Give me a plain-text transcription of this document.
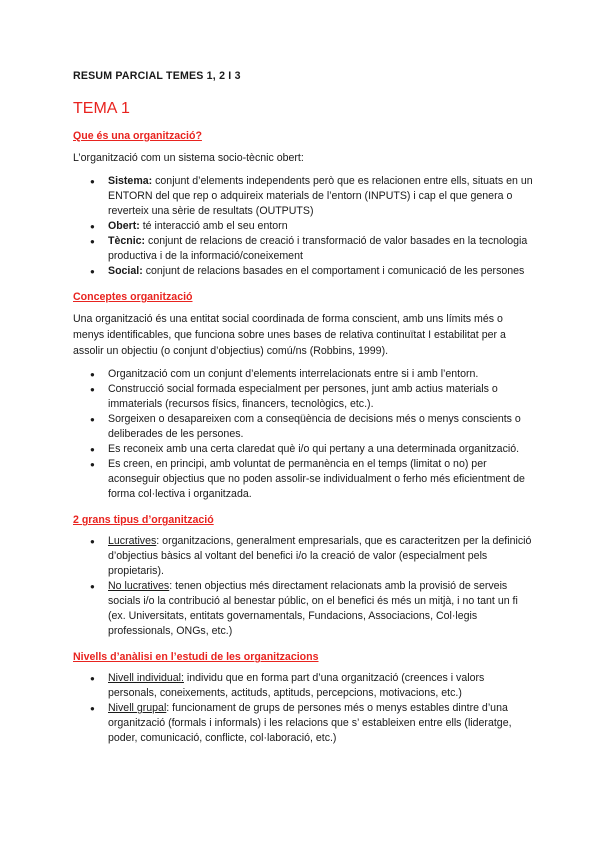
RESUM PARCIAL TEMES 1, 2 I 3
TEMA 1
Que és una organització?

L’organització com un sistema socio-tècnic obert:

● Sistema: conjunt d’elements independents però que es relacionen entre ells, situats en un ENTORN del que rep o adquireix materials de l’entorn (INPUTS) i cap el que genera o reverteix una sèrie de resultats (OUTPUTS)
● Obert: té interacció amb el seu entorn
● Tècnic: conjunt de relacions de creació i transformació de valor basades en la tecnologia productiva i de la informació/coneixement
● Social: conjunt de relacions basades en el comportament i comunicació de les persones
Conceptes organització

Una organització és una entitat social coordinada de forma conscient, amb uns límits més o menys identificables, que funciona sobre unes bases de relativa continuïtat I estabilitat per a assolir un objectiu (o conjunt d’objectius) comú/ns (Robbins, 1999).

● Organització com un conjunt d’elements interrelacionats entre si i amb l’entorn.
● Construcció social formada especialment per persones, junt amb actius materials o immaterials (recursos físics, financers, tecnològics, etc.).
● Sorgeixen o desapareixen com a conseqüència de decisions més o menys conscients o deliberades de les persones.
● Es reconeix amb una certa claredat què i/o qui pertany a una determinada organització.
● Es creen, en principi, amb voluntat de permanència en el temps (limitat o no) per aconseguir objectius que no poden assolir-se individualment o ferho més eficientment de forma col·lectiva i organitzada.
2 grans tipus d’organització
● Lucratives: organitzacions, generalment empresarials, que es caracteritzen per la definició d’objectius bàsics al voltant del benefici i/o la creació de valor (especialment pels propietaris).
● No lucratives: tenen objectius més directament relacionats amb la provisió de serveis socials i/o la contribució al benestar públic, on el benefici és més un mitjà, i no tant un fi (ex. Universitats, entitats governamentals, Fundacions, Associacions, Col·legis professionals, ONGs, etc.)
Nivells d’anàlisi en l’estudi de les organitzacions
● Nivell individual: individu que en forma part d’una organització (creences i valors personals, coneixements, actituds, aptituds, percepcions, motivacions, etc.)
● Nivell grupal: funcionament de grups de persones més o menys estables dintre d’una organització (formals i informals) i les relacions que s’ estableixen entre ells (lideratge, poder, comunicació, conflicte, col·laboració, etc.)
